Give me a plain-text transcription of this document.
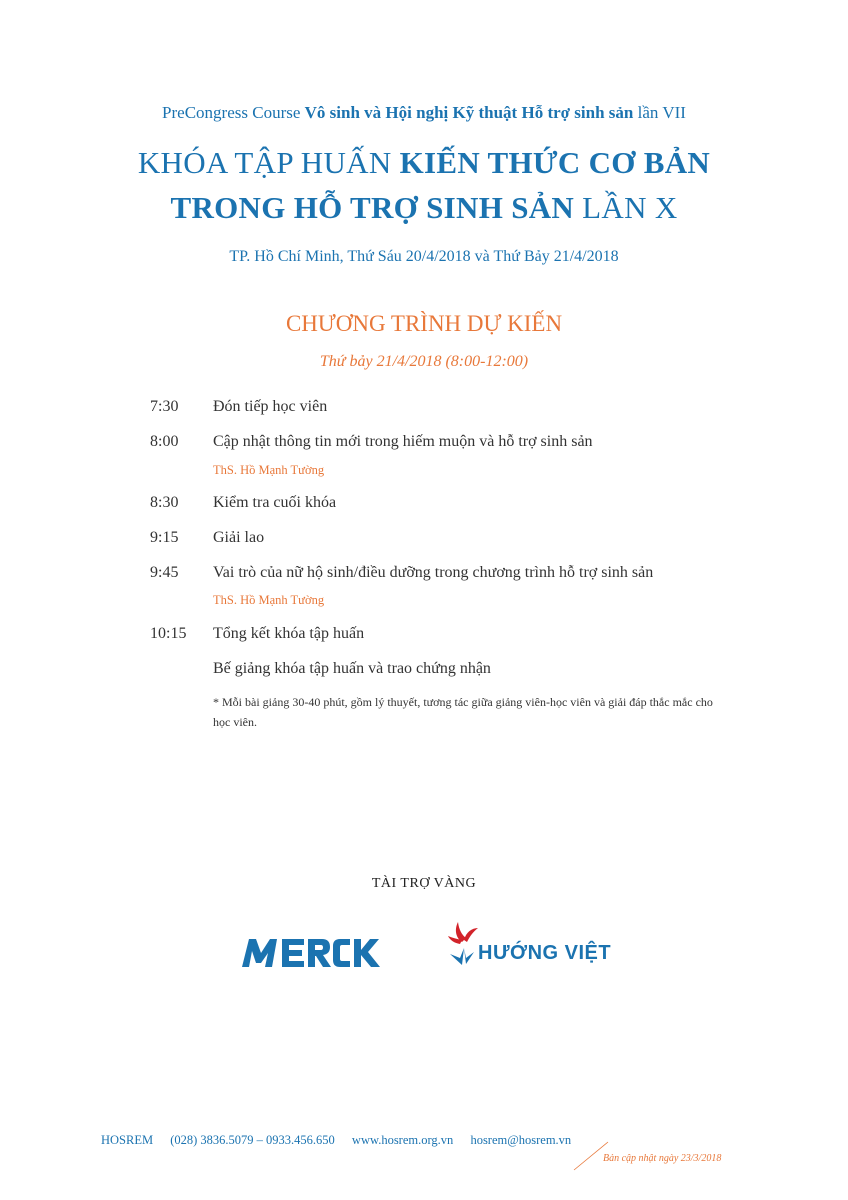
PreCongress Course Vô sinh và Hội nghị Kỹ thuật Hỗ trợ sinh sản lần VII
KHÓA TẬP HUẤN KIẾN THỨC CƠ BẢN
TRONG HỖ TRỢ SINH SẢN LẦN X
TP. Hồ Chí Minh, Thứ Sáu 20/4/2018 và Thứ Bảy 21/4/2018
CHƯƠNG TRÌNH DỰ KIẾN
Thứ bảy 21/4/2018 (8:00-12:00)
7:30 Đón tiếp học viên
8:00 Cập nhật thông tin mới trong hiếm muộn và hỗ trợ sinh sản
ThS. Hồ Mạnh Tường
8:30 Kiểm tra cuối khóa
9:15 Giải lao
9:45 Vai trò của nữ hộ sinh/điều dưỡng trong chương trình hỗ trợ sinh sản
ThS. Hồ Mạnh Tường
10:15 Tổng kết khóa tập huấn
Bế giảng khóa tập huấn và trao chứng nhận
* Mỗi bài giảng 30-40 phút, gồm lý thuyết, tương tác giữa giảng viên-học viên và giải đáp thắc mắc cho học viên.
TÀI TRỢ VÀNG
HƯỚNG VIỆT
HOSREM (028) 3836.5079 – 0933.456.650 www.hosrem.org.vn hosrem@hosrem.vn
Bản cập nhật ngày 23/3/2018
